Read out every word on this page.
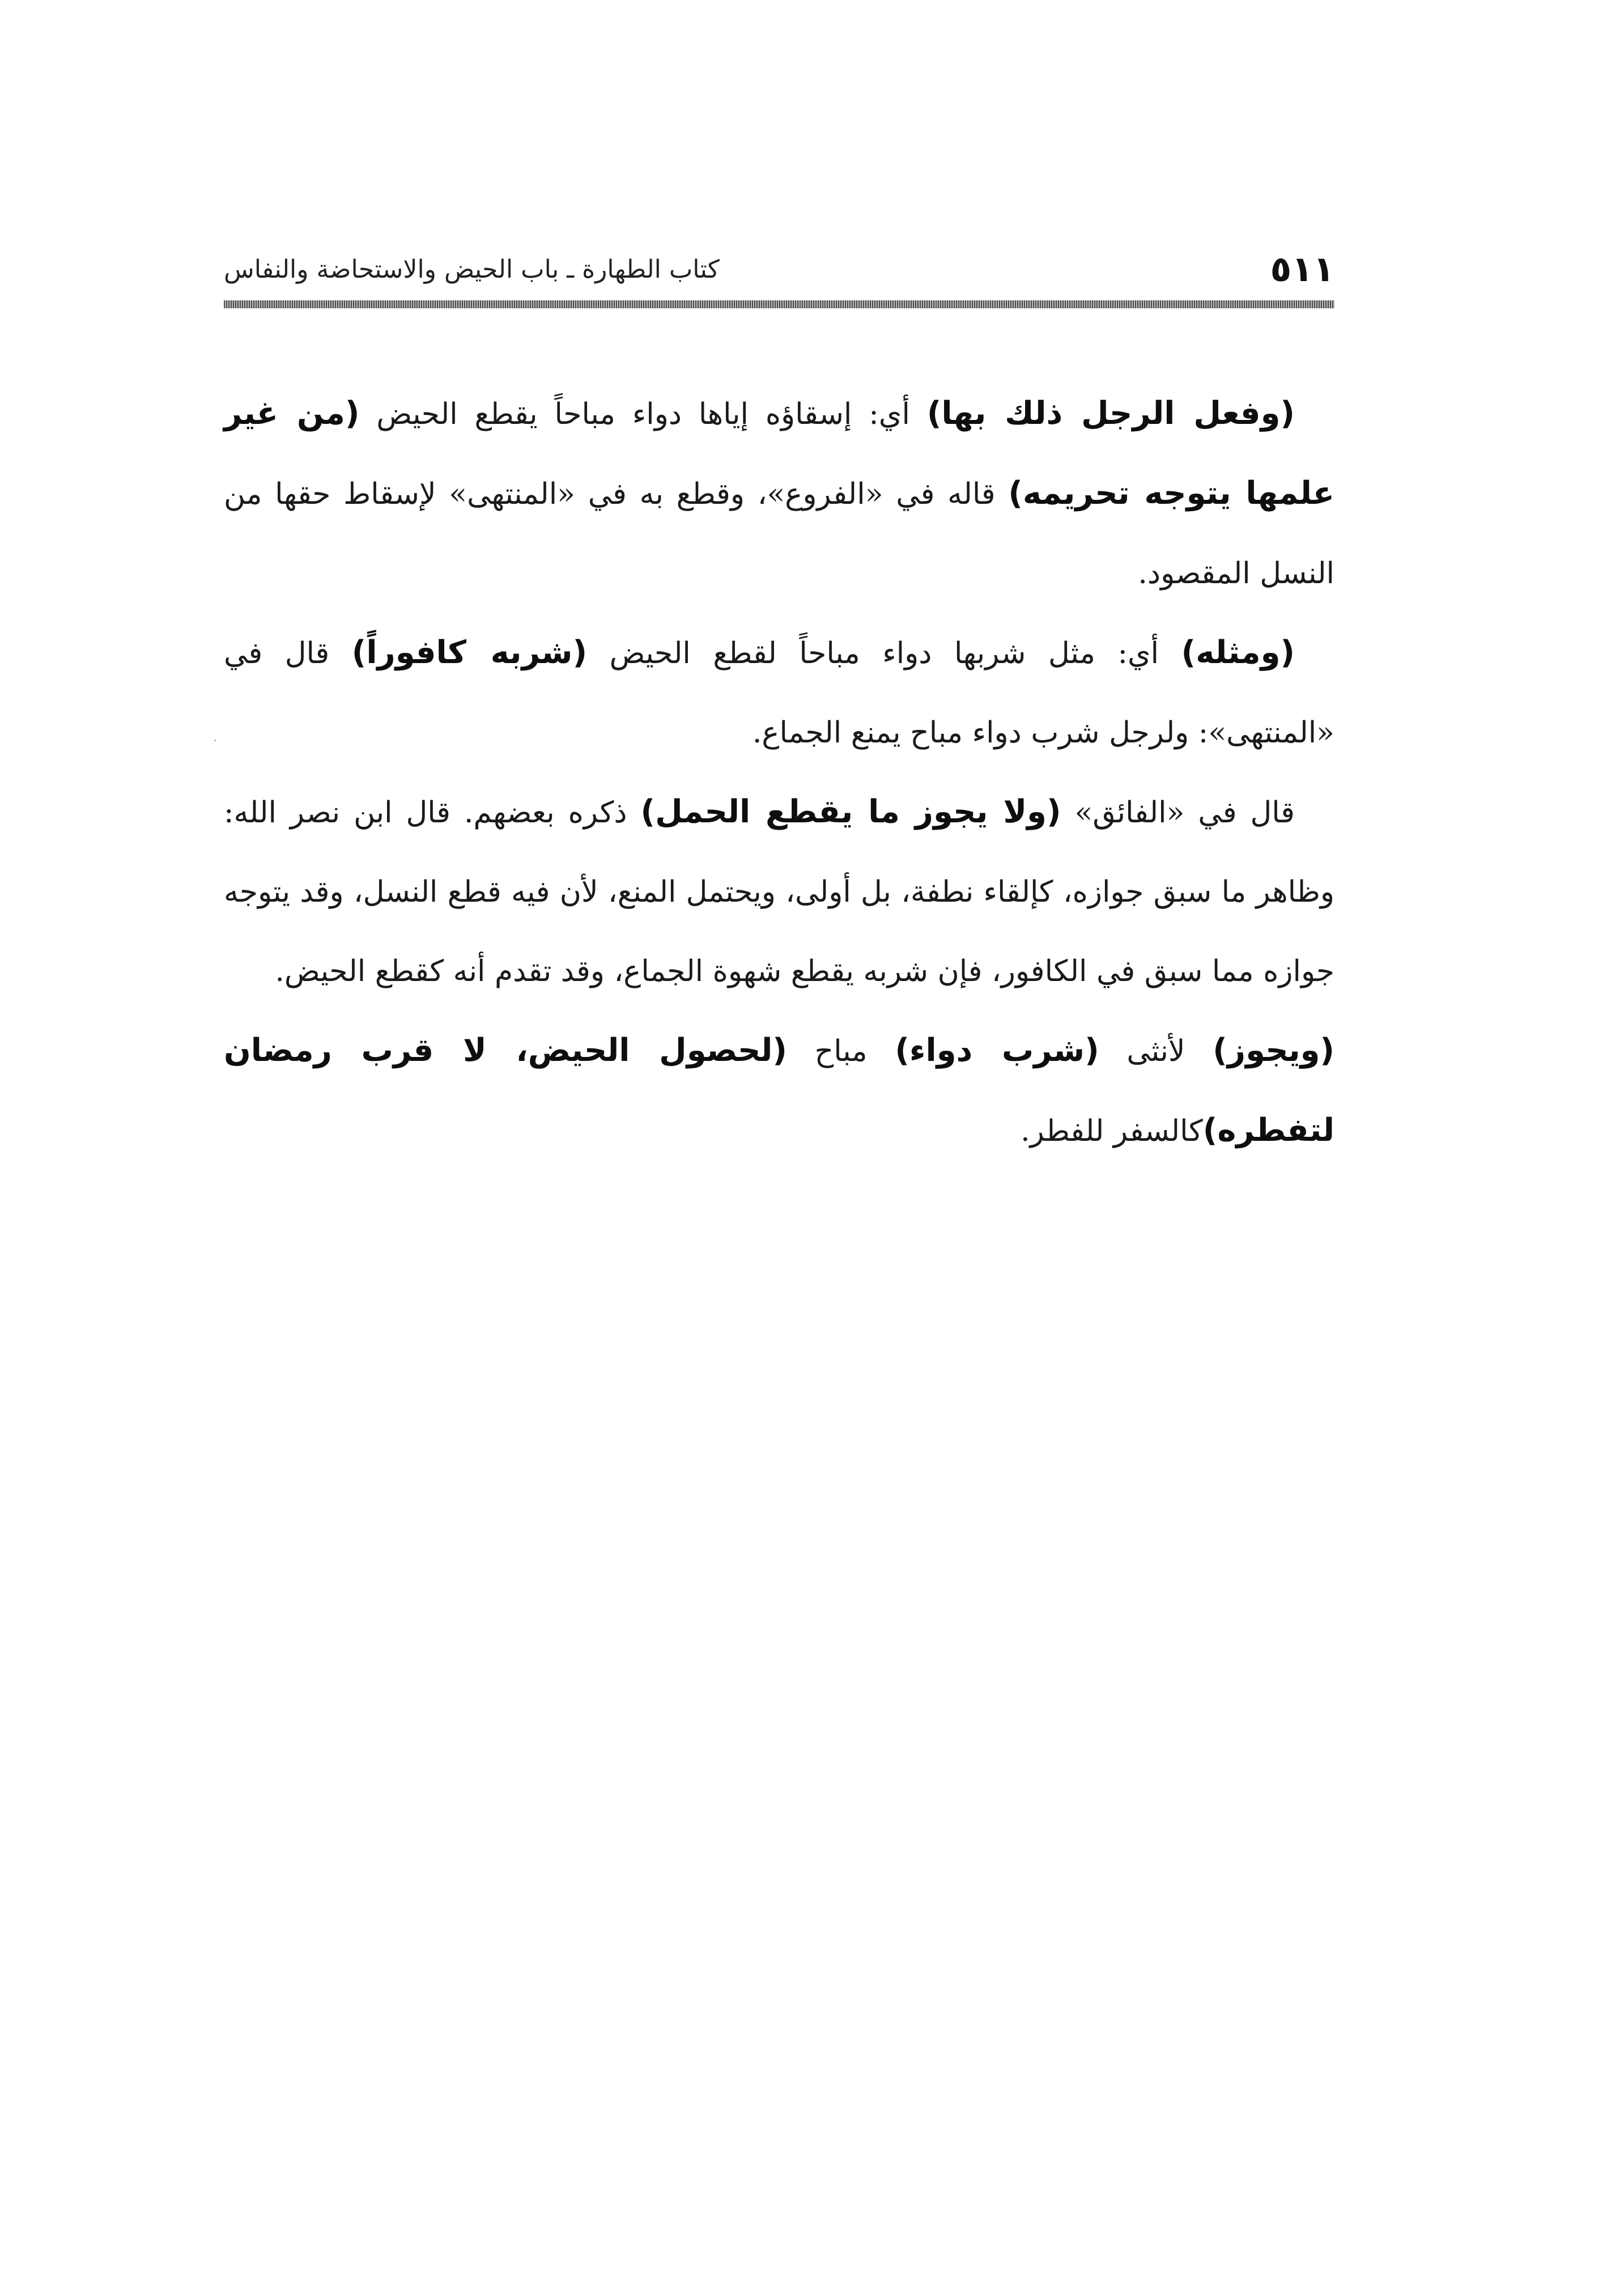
٥١١
كتاب الطهارة ـ باب الحيض والاستحاضة والنفاس

(وفعل الرجل ذلك بها) أي: إسقاؤه إياها دواء مباحاً يقطع الحيض (من غير علمها يتوجه تحريمه) قاله في «الفروع»، وقطع به في «المنتهى» لإسقاط حقها من النسل المقصود.

(ومثله) أي: مثل شربها دواء مباحاً لقطع الحيض (شربه كافوراً) قال في «المنتهى»: ولرجل شرب دواء مباح يمنع الجماع.

قال في «الفائق» (ولا يجوز ما يقطع الحمل) ذكره بعضهم. قال ابن نصر الله: وظاهر ما سبق جوازه، كإلقاء نطفة، بل أولى، ويحتمل المنع، لأن فيه قطع النسل، وقد يتوجه جوازه مما سبق في الكافور، فإن شربه يقطع شهوة الجماع، وقد تقدم أنه كقطع الحيض.

(ويجوز) لأنثى (شرب دواء) مباح (لحصول الحيض، لا قرب رمضان لتفطره)كالسفر للفطر.
